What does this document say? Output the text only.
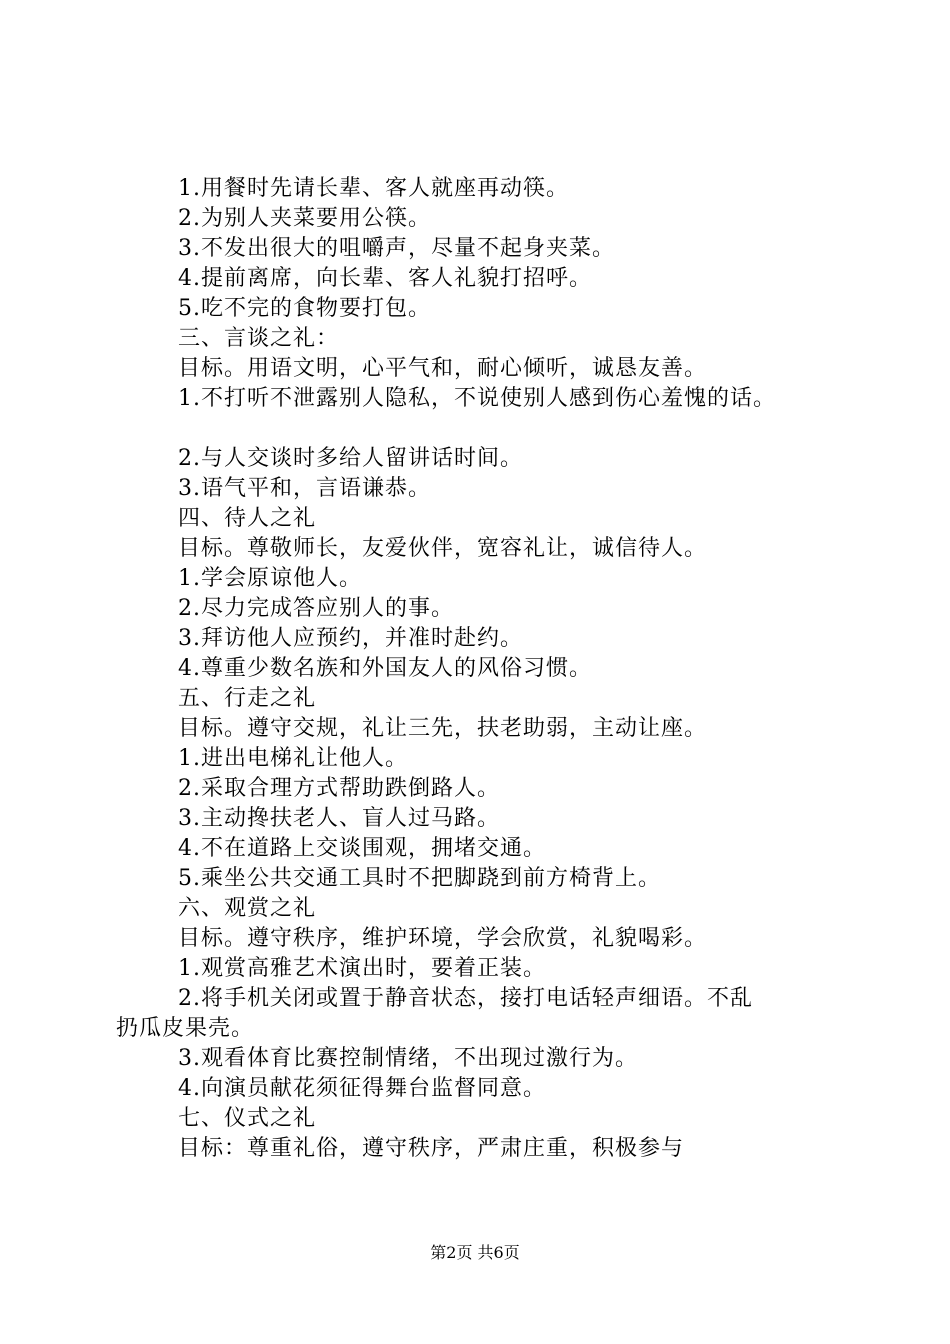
1.用餐时先请长辈、客人就座再动筷。
2.为别人夹菜要用公筷。
3.不发出很大的咀嚼声，尽量不起身夹菜。
4.提前离席，向长辈、客人礼貌打招呼。
5.吃不完的食物要打包。
三、言谈之礼：
目标。用语文明，心平气和，耐心倾听，诚恳友善。
1.不打听不泄露别人隐私，不说使别人感到伤心羞愧的话。
2.与人交谈时多给人留讲话时间。
3.语气平和，言语谦恭。
四、待人之礼
目标。尊敬师长，友爱伙伴，宽容礼让，诚信待人。
1.学会原谅他人。
2.尽力完成答应别人的事。
3.拜访他人应预约，并准时赴约。
4.尊重少数名族和外国友人的风俗习惯。
五、行走之礼
目标。遵守交规，礼让三先，扶老助弱，主动让座。
1.进出电梯礼让他人。
2.采取合理方式帮助跌倒路人。
3.主动搀扶老人、盲人过马路。
4.不在道路上交谈围观，拥堵交通。
5.乘坐公共交通工具时不把脚跷到前方椅背上。
六、观赏之礼
目标。遵守秩序，维护环境，学会欣赏，礼貌喝彩。
1.观赏高雅艺术演出时，要着正装。
2.将手机关闭或置于静音状态，接打电话轻声细语。不乱
扔瓜皮果壳。
3.观看体育比赛控制情绪，不出现过激行为。
4.向演员献花须征得舞台监督同意。
七、仪式之礼
目标：尊重礼俗，遵守秩序，严肃庄重，积极参与
第2页 共6页
